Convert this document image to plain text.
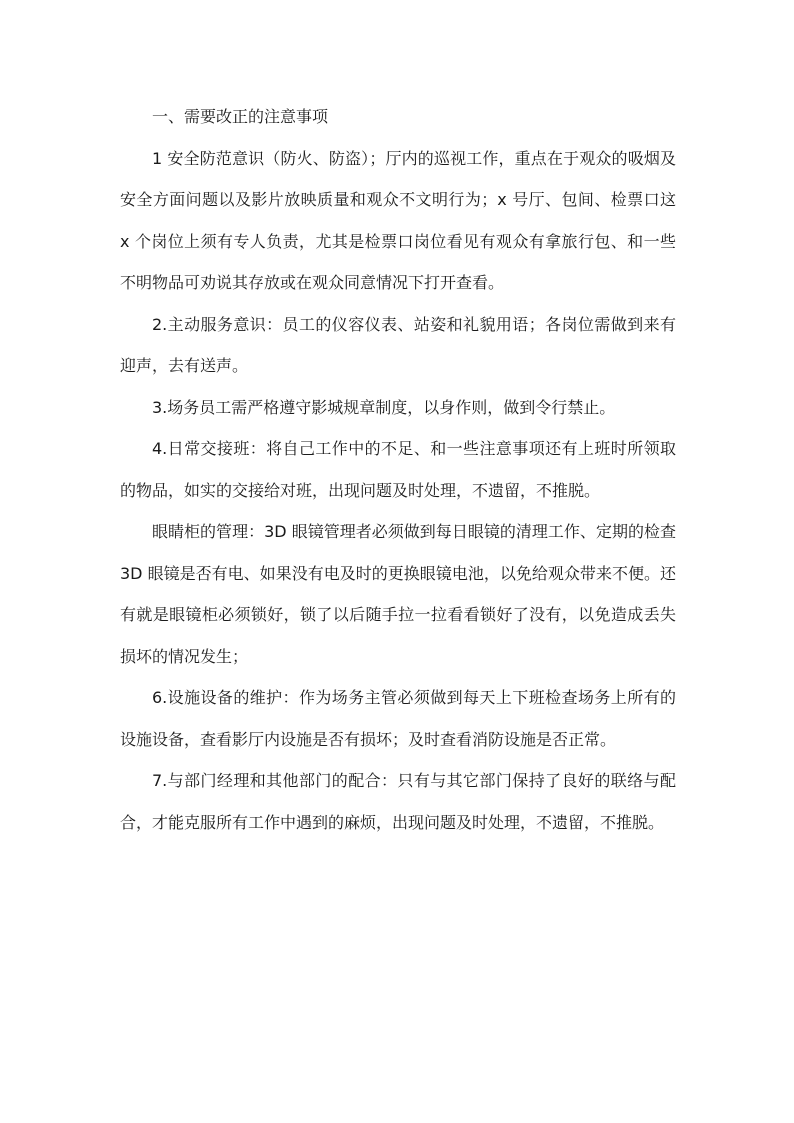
一、需要改正的注意事项

1 安全防范意识（防火、防盗）；厅内的巡视工作，重点在于观众的吸烟及安全方面问题以及影片放映质量和观众不文明行为；x 号厅、包间、检票口这 x 个岗位上须有专人负责，尤其是检票口岗位看见有观众有拿旅行包、和一些不明物品可劝说其存放或在观众同意情况下打开查看。

2.主动服务意识：员工的仪容仪表、站姿和礼貌用语；各岗位需做到来有迎声，去有送声。

3.场务员工需严格遵守影城规章制度，以身作则，做到令行禁止。

4.日常交接班：将自己工作中的不足、和一些注意事项还有上班时所领取的物品，如实的交接给对班，出现问题及时处理，不遗留，不推脱。

眼睛柜的管理：3D 眼镜管理者必须做到每日眼镜的清理工作、定期的检查 3D 眼镜是否有电、如果没有电及时的更换眼镜电池，以免给观众带来不便。还有就是眼镜柜必须锁好，锁了以后随手拉一拉看看锁好了没有，以免造成丢失损坏的情况发生；

6.设施设备的维护：作为场务主管必须做到每天上下班检查场务上所有的设施设备，查看影厅内设施是否有损坏；及时查看消防设施是否正常。

7.与部门经理和其他部门的配合：只有与其它部门保持了良好的联络与配合，才能克服所有工作中遇到的麻烦，出现问题及时处理，不遗留，不推脱。
